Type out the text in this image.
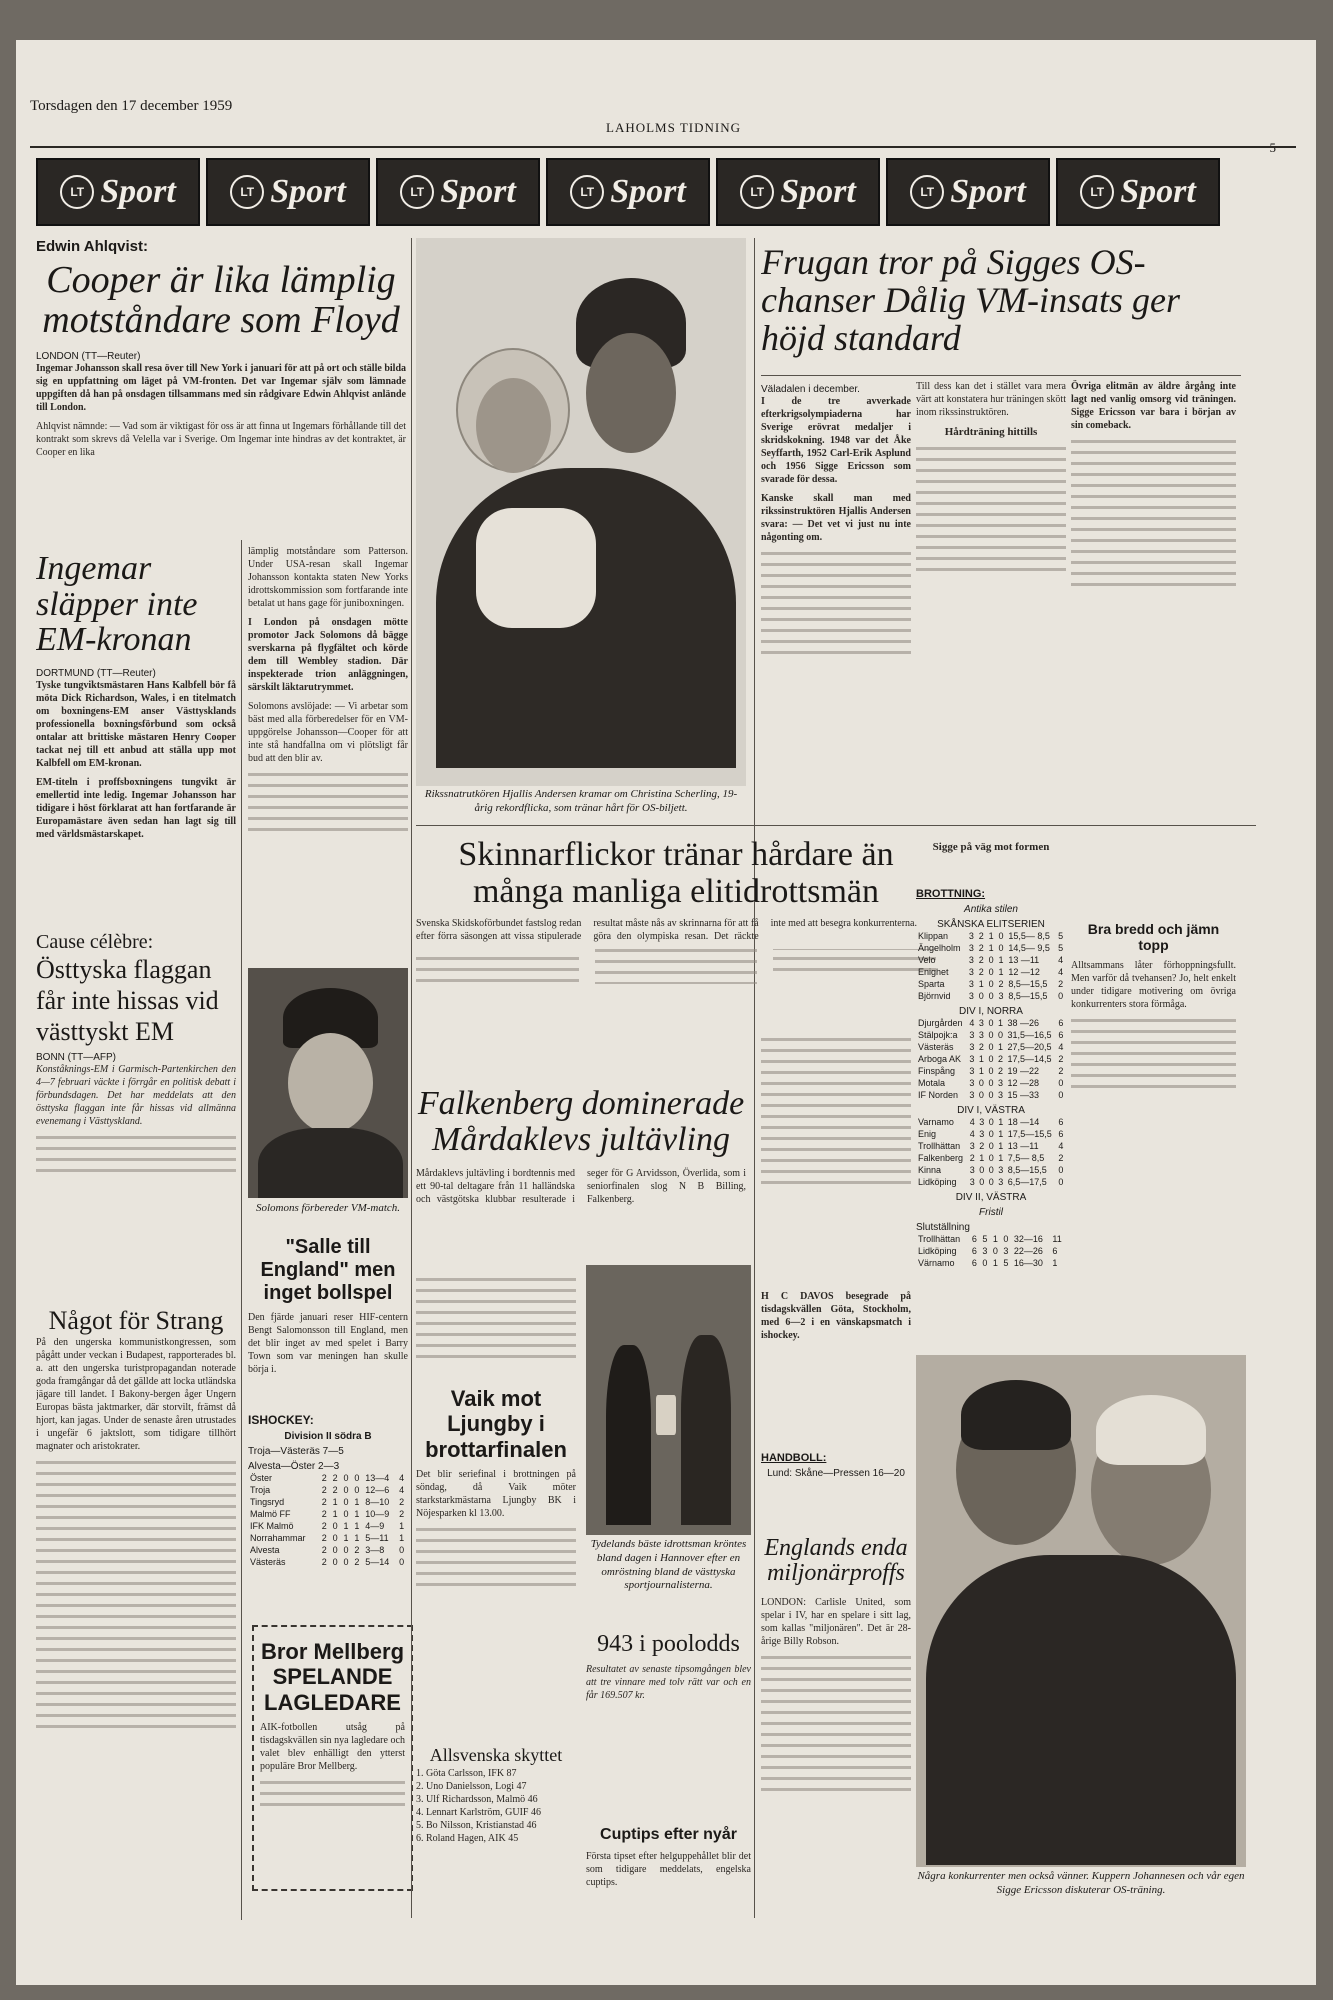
Torsdagen den 17 december 1959
LAHOLMS TIDNING
LT Sport	LT Sport	LT Sport	LT Sport	LT Sport	LT Sport	LT Sport
Edwin Ahlqvist:
Cooper är lika lämplig motståndare som Floyd
LONDON (TT—Reuter)
Ingemar Johansson skall resa över till New York i januari för att på ort och ställe bilda sig en uppfattning om läget på VM-fronten. Det var Ingemar själv som lämnade uppgiften då han på onsdagen tillsammans med sin rådgivare Edwin Ahlqvist anlände till London.
Ahlqvist nämnde: — Vad som är viktigast för oss är att finna ut Ingemars förhållande till det kontrakt som skrevs då Velella var i Sverige. Om Ingemar inte hindras av det kontraktet, är Cooper en lika
Ingemar släpper inte EM-kronan
DORTMUND (TT—Reuter)
Tyske tungviktsmästaren Hans Kalbfell bör få möta Dick Richardson, Wales, i en titelmatch om boxningens-EM anser Västtysklands professionella boxningsförbund som också ontalar att brittiske mästaren Henry Cooper tackat nej till ett anbud att ställa upp mot Kalbfell om EM-kronan.
EM-titeln i proffsboxningens tungvikt är emellertid inte ledig. Ingemar Johansson har tidigare i höst förklarat att han fortfarande är Europamästare även sedan han lagt sig till med världsmästarskapet.
Cause célèbre:
Östtyska flaggan får inte hissas vid västtyskt EM
BONN (TT—AFP)
Konståknings-EM i Garmisch-Partenkirchen den 4—7 februari väckte i förrgår en politisk debatt i förbundsdagen. Det har meddelats att den östtyska flaggan inte får hissas vid allmänna evenemang i Västtyskland.
Något för Strang
På den ungerska kommunistkongressen, som pågått under veckan i Budapest, rapporterades bl. a. att den ungerska turistpropagandan noterade goda framgångar då det gällde att locka utländska jägare till landet. I Bakony-bergen åger Ungern Europas bästa jaktmarker, där storvilt, främst då hjort, kan jagas. Under de senaste åren utrustades i ungefär 6 jaktslott, som tidigare tillhört magnater och aristokrater.
lämplig motståndare som Patterson. Under USA-resan skall Ingemar Johansson kontakta staten New Yorks idrottskommission som fortfarande inte betalat ut hans gage för juniboxningen.
I London på onsdagen mötte promotor Jack Solomons då bägge sverskarna på flygfältet och körde dem till Wembley stadion. Där inspekterade trion anläggningen, särskilt läktarutrymmet.
Solomons avslöjade: — Vi arbetar som bäst med alla förberedelser för en VM-uppgörelse Johansson—Cooper för att inte stå handfallna om vi plötsligt får bud att den blir av.
Solomons förbereder VM-match.
"Salle till England" men inget bollspel
Den fjärde januari reser HIF-centern Bengt Salomonsson till England, men det blir inget av med spelet i Barry Town som var meningen han skulle börja i.
ISHOCKEY:
Division II södra B
Troja—Västeräs 7—5
Alvesta—Öster 2—3
Öster	2	2	0	0	13—4	4
Troja	2	2	0	0	12—6	4
Tingsryd	2	1	0	1	8—10	2
Malmö FF	2	1	0	1	10—9	2
IFK Malmö	2	0	1	1	4—9	1
Norrahammar	2	0	1	1	5—11	1
Alvesta	2	0	0	2	3—8	0
Västeräs	2	0	0	2	5—14	0
Bror Mellberg SPELANDE LAGLEDARE
AIK-fotbollen utsåg på tisdagskvällen sin nya lagledare och valet blev enhälligt den ytterst populäre Bror Mellberg.
Rikssnatrutkören Hjallis Andersen kramar om Christina Scherling, 19-årig rekordflicka, som tränar hårt för OS-biljett.
Skinnarflickor tränar hårdare än många manliga elitidrottsmän
Svenska Skidskoförbundet fastslog redan efter förra säsongen att vissa stipulerade resultat måste nås av skrinnarna för att få göra den olympiska resan. Det räckte inte med att besegra konkurrenterna.
Falkenberg dominerade Mårdaklevs jultävling
Mårdaklevs jultävling i bordtennis med ett 90-tal deltagare från 11 halländska och västgötska klubbar resulterade i seger för G Arvidsson, Överlida, som i seniorfinalen slog N B Billing, Falkenberg.
Vaik mot Ljungby i brottarfinalen
Det blir seriefinal i brottningen på söndag, då Vaik möter starkstarkmästarna Ljungby BK i Nöjesparken kl 13.00.
Allsvenska skyttet
1. Göta Carlsson, IFK 87
2. Uno Danielsson, Logi 47
3. Ulf Richardsson, Malmö 46
4. Lennart Karlström, GUIF 46
5. Bo Nilsson, Kristianstad 46
6. Roland Hagen, AIK 45
Tydelands bäste idrottsman kröntes bland dagen i Hannover efter en omröstning bland de västtyska sportjournalisterna.
943 i poolodds
Resultatet av senaste tipsomgången blev att tre vinnare med tolv rätt var och en får 169.507 kr.
Cuptips efter nyår
Första tipset efter helguppehållet blir det som tidigare meddelats, engelska cuptips.
Frugan tror på Sigges OS-chanser Dålig VM-insats ger höjd standard
Väladalen i december.
I de tre avverkade efterkrigsolympiaderna har Sverige erövrat medaljer i skridskokning. 1948 var det Åke Seyffarth, 1952 Carl-Erik Asplund och 1956 Sigge Ericsson som svarade för dessa.
Kanske skall man med rikssinstruktören Hjallis Andersen svara: — Det vet vi just nu inte någonting om.
Till dess kan det i stället vara mera värt att konstatera hur träningen skött inom rikssinstruktören.
Hårdträning hittills
Sigge på väg mot formen
Övriga elitmän av äldre årgång inte lagt ned vanlig omsorg vid träningen. Sigge Ericsson var bara i början av sin comeback.
Bra bredd och jämn topp
Alltsammans låter förhoppningsfullt. Men varför då tvehansen? Jo, helt enkelt under tidigare motivering om övriga konkurrenters stora förmåga.
BROTTNING:
Antika stilen
SKÅNSKA ELITSERIEN
Klippan	3	2	1	0	15,5— 8,5	5
Ängelholm	3	2	1	0	14,5— 9,5	5
Velo	3	2	0	1	13 —11	4
Enighet	3	2	0	1	12 —12	4
Sparta	3	1	0	2	8,5—15,5	2
Björnvid	3	0	0	3	8,5—15,5	0
DIV I, NORRA
Djurgården	4	3	0	1	38 —26	6
Stälpojk:a	3	3	0	0	31,5—16,5	6
Västeräs	3	2	0	1	27,5—20,5	4
Arboga AK	3	1	0	2	17,5—14,5	2
Finspång	3	1	0	2	19 —22	2
Motala	3	0	0	3	12 —28	0
IF Norden	3	0	0	3	15 —33	0
DIV I, VÄSTRA
Varnamo	4	3	0	1	18 —14	6
Enig	4	3	0	1	17,5—15,5	6
Trollhättan	3	2	0	1	13 —11	4
Falkenberg	2	1	0	1	7,5— 8,5	2
Kinna	3	0	0	3	8,5—15,5	0
Lidköping	3	0	0	3	6,5—17,5	0
DIV II, VÄSTRA
Fristil
Slutställning
Trollhättan	6	5	1	0	32—16	11
Lidköping	6	3	0	3	22—26	6
Värnamo	6	0	1	5	16—30	1
H C DAVOS besegrade på tisdagskvällen Göta, Stockholm, med 6—2 i en vänskapsmatch i ishockey.
HANDBOLL:
Lund: Skåne—Pressen 16—20
Englands enda miljonärproffs
LONDON: Carlisle United, som spelar i IV, har en spelare i sitt lag, som kallas "miljonären". Det är 28-årige Billy Robson.
Några konkurrenter men också vänner. Kuppern Johannesen och vår egen Sigge Ericsson diskuterar OS-träning.
